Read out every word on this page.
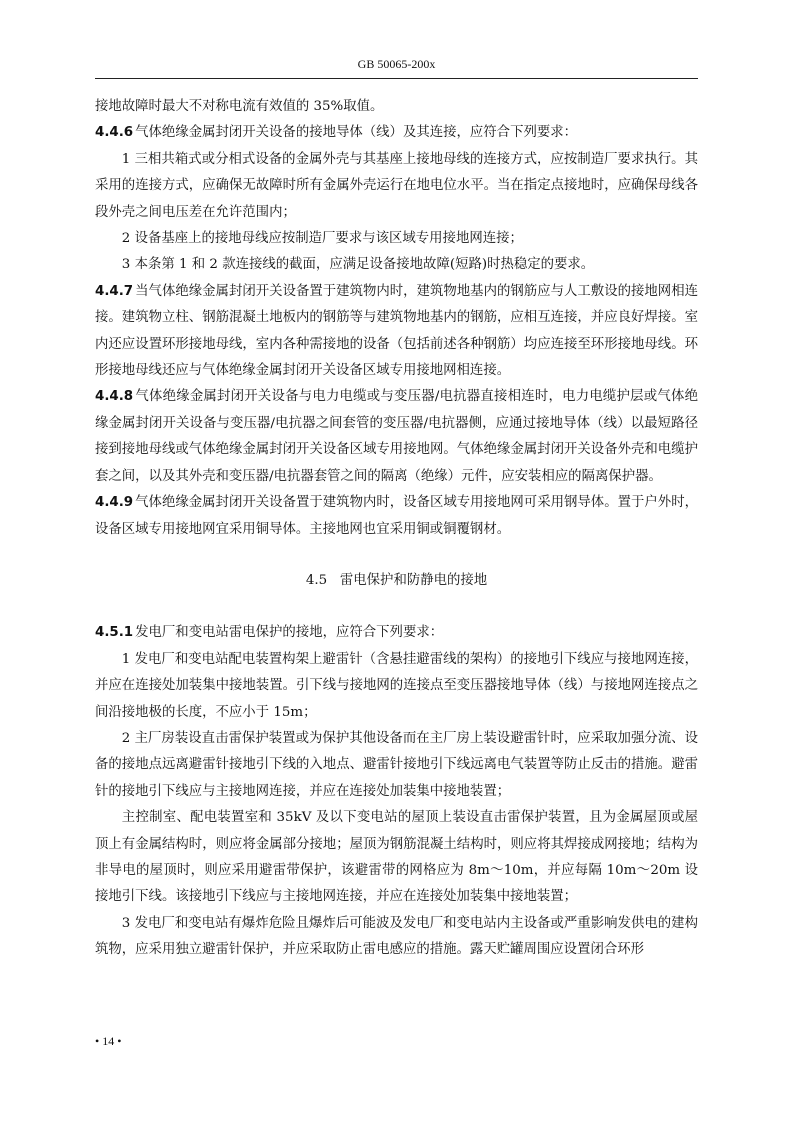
GB 50065-200x

接地故障时最大不对称电流有效值的 35%取值。

4.4.6 气体绝缘金属封闭开关设备的接地导体（线）及其连接，应符合下列要求：

1 三相共箱式或分相式设备的金属外壳与其基座上接地母线的连接方式，应按制造厂要求执行。其采用的连接方式，应确保无故障时所有金属外壳运行在地电位水平。当在指定点接地时，应确保母线各段外壳之间电压差在允许范围内；

2 设备基座上的接地母线应按制造厂要求与该区域专用接地网连接；

3 本条第 1 和 2 款连接线的截面，应满足设备接地故障(短路)时热稳定的要求。

4.4.7 当气体绝缘金属封闭开关设备置于建筑物内时，建筑物地基内的钢筋应与人工敷设的接地网相连接。建筑物立柱、钢筋混凝土地板内的钢筋等与建筑物地基内的钢筋，应相互连接，并应良好焊接。室内还应设置环形接地母线，室内各种需接地的设备（包括前述各种钢筋）均应连接至环形接地母线。环形接地母线还应与气体绝缘金属封闭开关设备区域专用接地网相连接。

4.4.8 气体绝缘金属封闭开关设备与电力电缆或与变压器/电抗器直接相连时，电力电缆护层或气体绝缘金属封闭开关设备与变压器/电抗器之间套管的变压器/电抗器侧，应通过接地导体（线）以最短路径接到接地母线或气体绝缘金属封闭开关设备区域专用接地网。气体绝缘金属封闭开关设备外壳和电缆护套之间，以及其外壳和变压器/电抗器套管之间的隔离（绝缘）元件，应安装相应的隔离保护器。

4.4.9 气体绝缘金属封闭开关设备置于建筑物内时，设备区域专用接地网可采用钢导体。置于户外时，设备区域专用接地网宜采用铜导体。主接地网也宜采用铜或铜覆钢材。

4.5 雷电保护和防静电的接地

4.5.1 发电厂和变电站雷电保护的接地，应符合下列要求：

1 发电厂和变电站配电装置构架上避雷针（含悬挂避雷线的架构）的接地引下线应与接地网连接，并应在连接处加装集中接地装置。引下线与接地网的连接点至变压器接地导体（线）与接地网连接点之间沿接地极的长度，不应小于 15m；

2 主厂房装设直击雷保护装置或为保护其他设备而在主厂房上装设避雷针时，应采取加强分流、设备的接地点远离避雷针接地引下线的入地点、避雷针接地引下线远离电气装置等防止反击的措施。避雷针的接地引下线应与主接地网连接，并应在连接处加装集中接地装置；

主控制室、配电装置室和 35kV 及以下变电站的屋顶上装设直击雷保护装置，且为金属屋顶或屋顶上有金属结构时，则应将金属部分接地；屋顶为钢筋混凝土结构时，则应将其焊接成网接地；结构为非导电的屋顶时，则应采用避雷带保护，该避雷带的网格应为 8m～10m，并应每隔 10m～20m 设接地引下线。该接地引下线应与主接地网连接，并应在连接处加装集中接地装置；

3 发电厂和变电站有爆炸危险且爆炸后可能波及发电厂和变电站内主设备或严重影响发供电的建构筑物，应采用独立避雷针保护，并应采取防止雷电感应的措施。露天贮罐周围应设置闭合环形

• 14 •
